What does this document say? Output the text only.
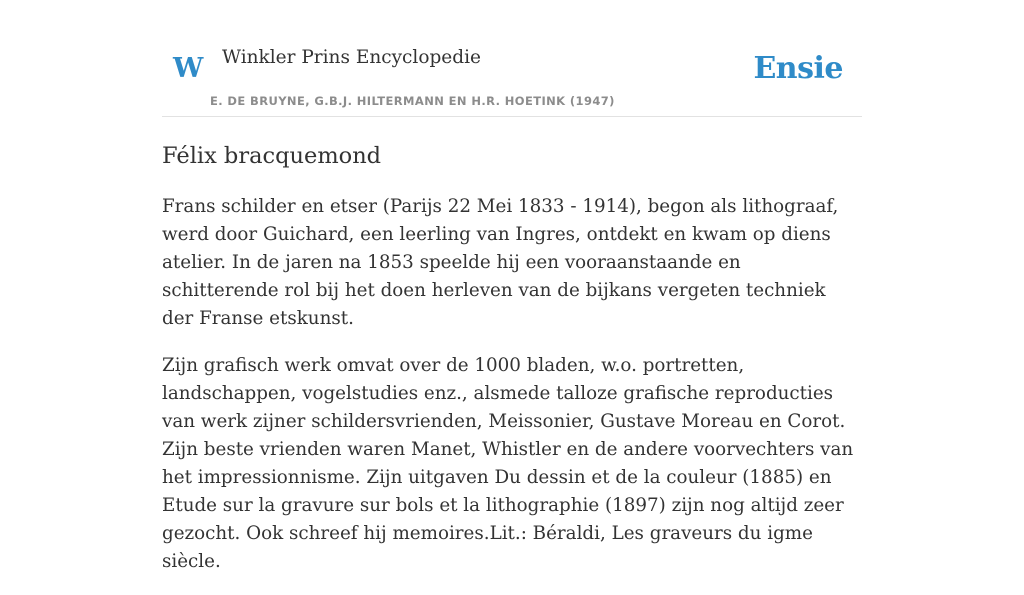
W Winkler Prins Encyclopedie
E. DE BRUYNE, G.B.J. HILTERMANN EN H.R. HOETINK (1947)
Ensie
Félix bracquemond

Frans schilder en etser (Parijs 22 Mei 1833 - 1914), begon als lithograaf, werd door Guichard, een leerling van Ingres, ontdekt en kwam op diens atelier. In de jaren na 1853 speelde hij een vooraanstaande en schitterende rol bij het doen herleven van de bijkans vergeten techniek der Franse etskunst.

Zijn grafisch werk omvat over de 1000 bladen, w.o. portretten, landschappen, vogelstudies enz., alsmede talloze grafische reproducties van werk zijner schildersvrienden, Meissonier, Gustave Moreau en Corot. Zijn beste vrienden waren Manet, Whistler en de andere voorvechters van het impressionnisme. Zijn uitgaven Du dessin et de la couleur (1885) en Etude sur la gravure sur bols et la lithographie (1897) zijn nog altijd zeer gezocht. Ook schreef hij memoires.Lit.: Béraldi, Les graveurs du igme siècle.
